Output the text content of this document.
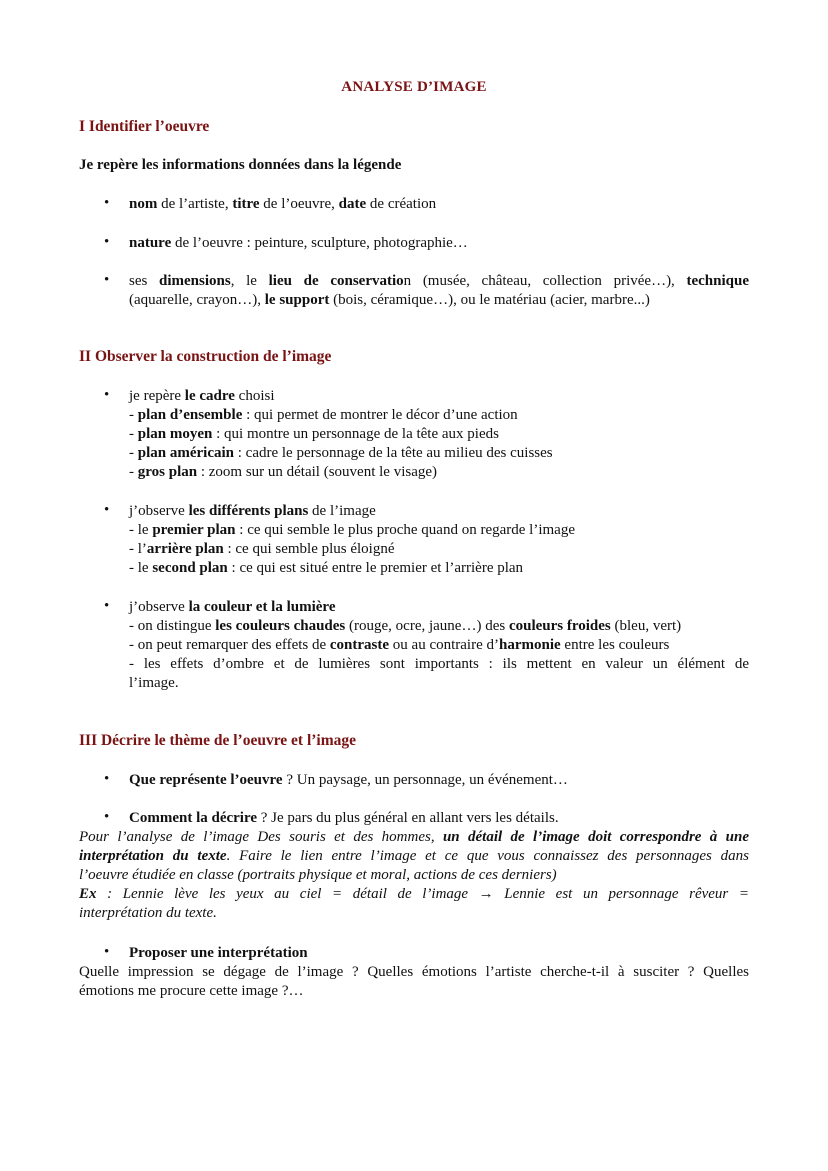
ANALYSE D’IMAGE
I Identifier l’oeuvre

Je repère les informations données dans la légende

•	nom de l’artiste, titre de l’oeuvre, date de création

•	nature de l’oeuvre : peinture, sculpture, photographie…

•	ses dimensions, le lieu de conservation (musée, château, collection privée…), technique
(aquarelle, crayon…), le support (bois, céramique…), ou le matériau (acier, marbre...)

II Observer la construction de l’image
•	je repère le cadre choisi
- plan d’ensemble : qui permet de montrer le décor d’une action
- plan moyen : qui montre un personnage de la tête aux pieds
- plan américain : cadre le personnage de la tête au milieu des cuisses
- gros plan : zoom sur un détail (souvent le visage)

•	j’observe les différents plans de l’image
- le premier plan : ce qui semble le plus proche quand on regarde l’image
- l’arrière plan : ce qui semble plus éloigné
- le second plan : ce qui est situé entre le premier et l’arrière plan

•	j’observe la couleur et la lumière
- on distingue les couleurs chaudes (rouge, ocre, jaune…) des couleurs froides (bleu, vert)
- on peut remarquer des effets de contraste ou au contraire d’harmonie entre les couleurs
- les effets d’ombre et de lumières sont importants : ils mettent en valeur un élément de
l’image.

III Décrire le thème de l’oeuvre et l’image
•	Que représente l’oeuvre ? Un paysage, un personnage, un événement…

•	Comment la décrire ? Je pars du plus général en allant vers les détails.

Pour l’analyse de l’image Des souris et des hommes, un détail de l’image doit correspondre à une
interprétation du texte. Faire le lien entre l’image et ce que vous connaissez des personnages dans
l’oeuvre étudiée en classe (portraits physique et moral, actions de ces derniers)
Ex : Lennie lève les yeux au ciel = détail de l’image → Lennie est un personnage rêveur =
interprétation du texte.

•	Proposer une interprétation

Quelle impression se dégage de l’image ? Quelles émotions l’artiste cherche-t-il à susciter ? Quelles
émotions me procure cette image ?…
